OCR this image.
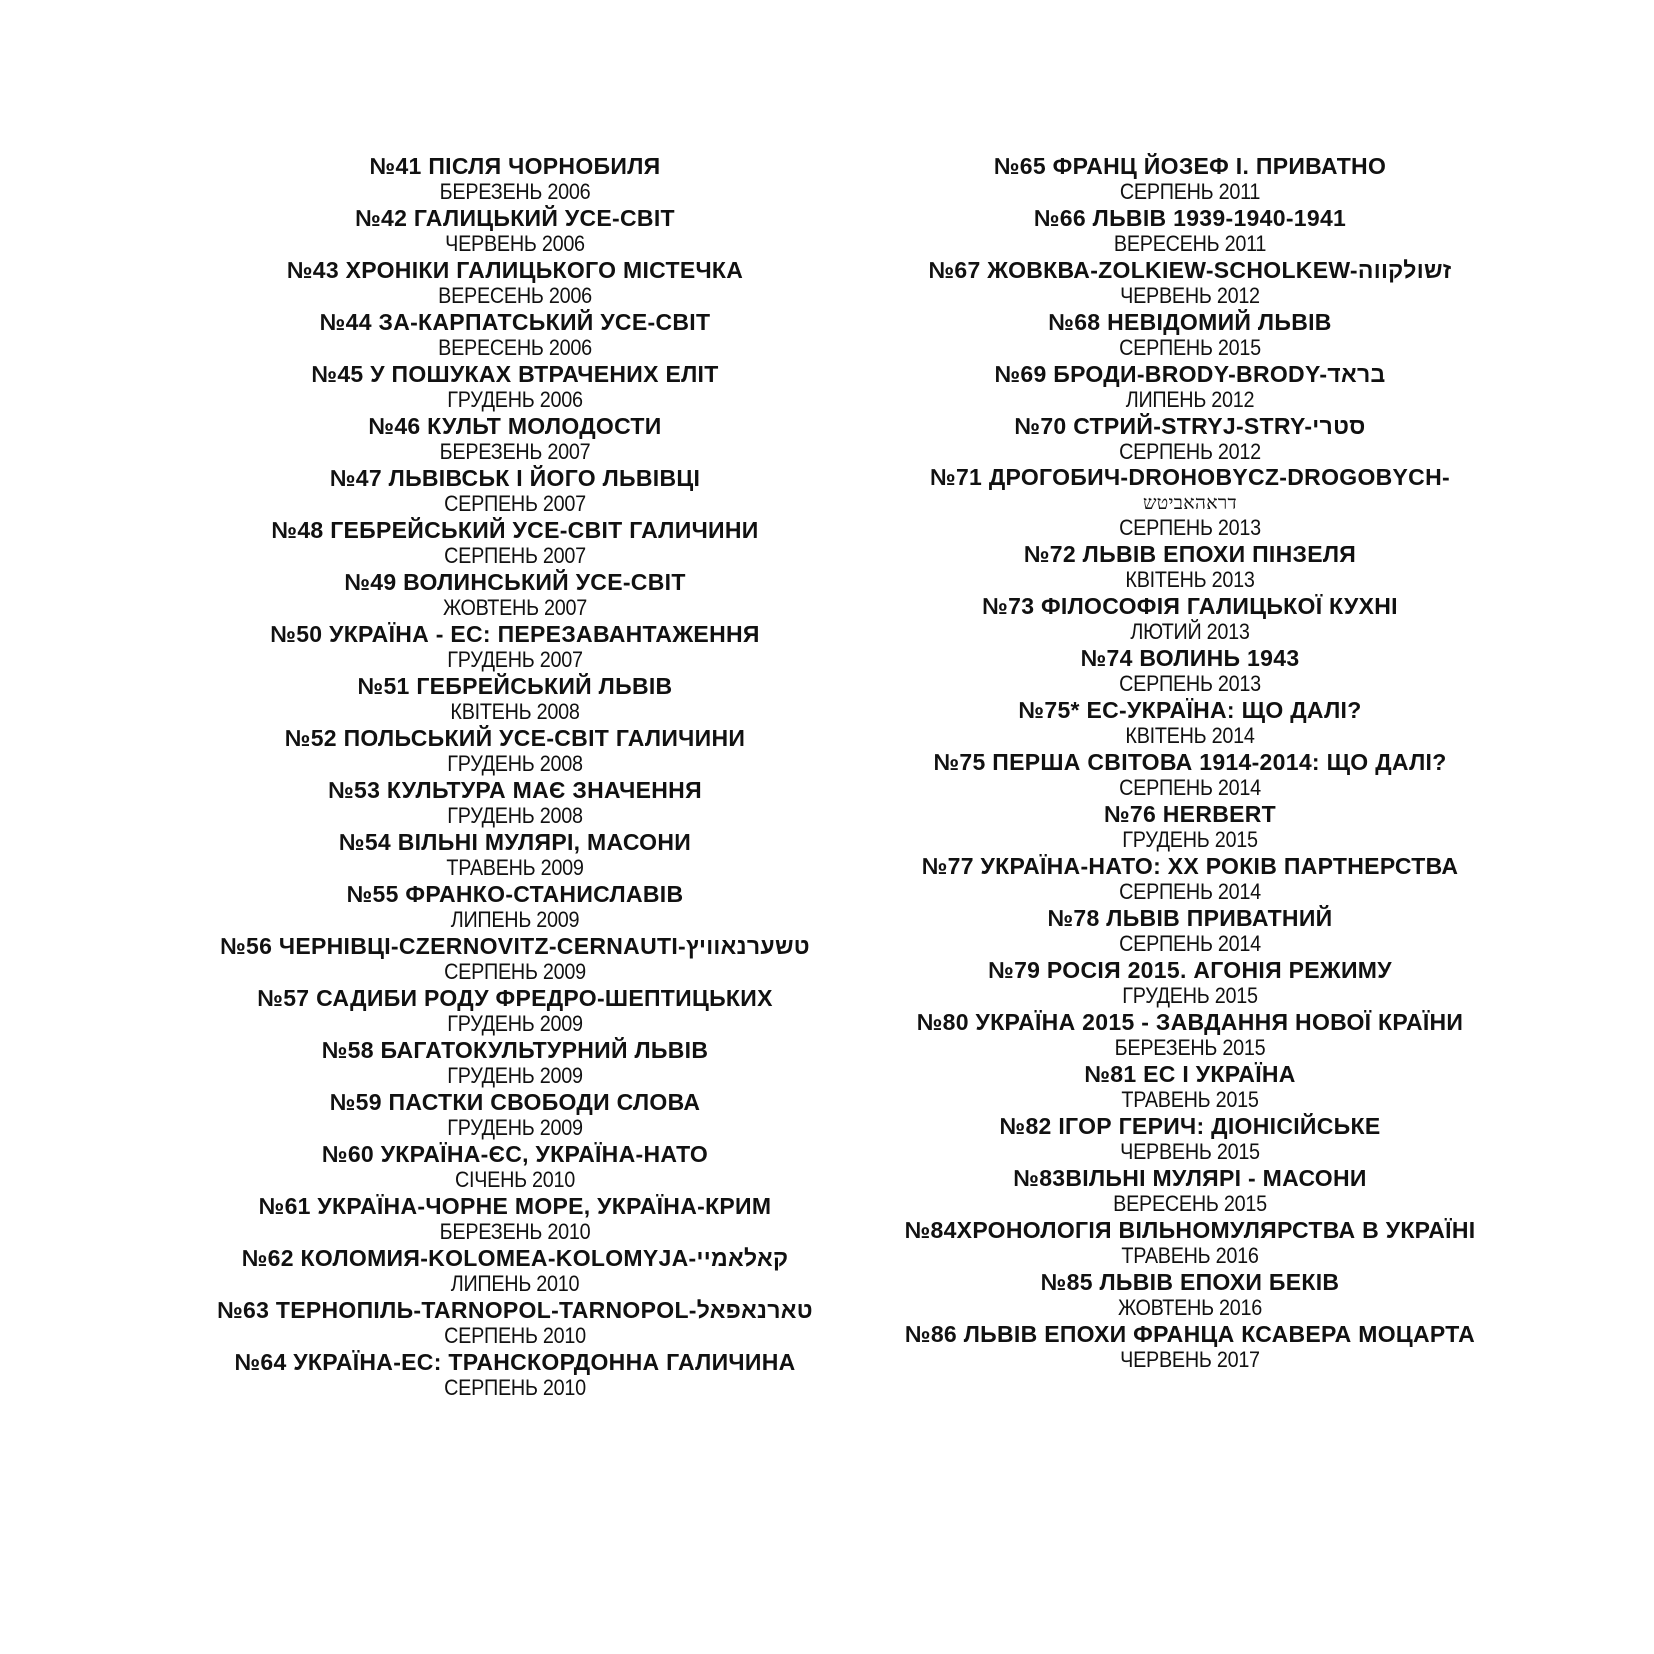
№41 ПІСЛЯ ЧОРНОБИЛЯ
БЕРЕЗЕНЬ 2006
№42 ГАЛИЦЬКИЙ УСЕ-СВІТ
ЧЕРВЕНЬ 2006
№43 ХРОНІКИ ГАЛИЦЬКОГО МІСТЕЧКА
ВЕРЕСЕНЬ 2006
№44 ЗА-КАРПАТСЬКИЙ УСЕ-СВІТ
ВЕРЕСЕНЬ 2006
№45 У ПОШУКАХ ВТРАЧЕНИХ ЕЛІТ
ГРУДЕНЬ 2006
№46 КУЛЬТ МОЛОДОСТИ
БЕРЕЗЕНЬ 2007
№47 ЛЬВІВСЬК І ЙОГО ЛЬВІВЦІ
СЕРПЕНЬ 2007
№48 ГЕБРЕЙСЬКИЙ УСЕ-СВІТ ГАЛИЧИНИ
СЕРПЕНЬ 2007
№49 ВОЛИНСЬКИЙ УСЕ-СВІТ
ЖОВТЕНЬ 2007
№50 УКРАЇНА - ЕС: ПЕРЕЗАВАНТАЖЕННЯ
ГРУДЕНЬ 2007
№51 ГЕБРЕЙСЬКИЙ ЛЬВІВ
КВІТЕНЬ 2008
№52 ПОЛЬСЬКИЙ УСЕ-СВІТ ГАЛИЧИНИ
ГРУДЕНЬ 2008
№53 КУЛЬТУРА МАЄ ЗНАЧЕННЯ
ГРУДЕНЬ 2008
№54 ВІЛЬНІ МУЛЯРІ, МАСОНИ
ТРАВЕНЬ 2009
№55 ФРАНКО-СТАНИСЛАВІВ
ЛИПЕНЬ 2009
№56 ЧЕРНІВЦІ-CZERNOVITZ-CERNAUTI-טשערנאוויץ
СЕРПЕНЬ 2009
№57 САДИБИ РОДУ ФРЕДРО-ШЕПТИЦЬКИХ
ГРУДЕНЬ 2009
№58 БАГАТОКУЛЬТУРНИЙ ЛЬВІВ
ГРУДЕНЬ 2009
№59 ПАСТКИ СВОБОДИ СЛОВА
ГРУДЕНЬ 2009
№60 УКРАЇНА-ЄС, УКРАЇНА-НАТО
СІЧЕНЬ 2010
№61 УКРАЇНА-ЧОРНЕ МОРЕ, УКРАЇНА-КРИМ
БЕРЕЗЕНЬ 2010
№62 КОЛОМИЯ-KOLOMEA-KOLOMYJA-קאלאמיי
ЛИПЕНЬ 2010
№63 ТЕРНОПІЛЬ-TARNOPOL-TARNOPOL-טארנאפאל
СЕРПЕНЬ 2010
№64 УКРАЇНА-ЕС: ТРАНСКОРДОННА ГАЛИЧИНА
СЕРПЕНЬ 2010
№65 ФРАНЦ ЙОЗЕФ I. ПРИВАТНО
СЕРПЕНЬ 2011
№66 ЛЬВІВ 1939-1940-1941
ВЕРЕСЕНЬ 2011
№67 ЖОВКВА-ZOLKIEW-SCHOLKEW-זשולקווה
ЧЕРВЕНЬ 2012
№68 НЕВІДОМИЙ ЛЬВІВ
СЕРПЕНЬ 2015
№69 БРОДИ-BRODY-BRODY-בראד
ЛИПЕНЬ 2012
№70 СТРИЙ-STRYJ-STRY-סטרי
СЕРПЕНЬ 2012
№71 ДРОГОБИЧ-DROHOBYCZ-DROGOBYCH-
דראהאביטש
СЕРПЕНЬ 2013
№72 ЛЬВІВ ЕПОХИ ПІНЗЕЛЯ
КВІТЕНЬ 2013
№73 ФІЛОСОФІЯ ГАЛИЦЬКОЇ КУХНІ
ЛЮТИЙ 2013
№74 ВОЛИНЬ 1943
СЕРПЕНЬ 2013
№75* ЕС-УКРАЇНА: ЩО ДАЛІ?
КВІТЕНЬ 2014
№75 ПЕРША СВІТОВА 1914-2014: ЩО ДАЛІ?
СЕРПЕНЬ 2014
№76 HERBERT
ГРУДЕНЬ 2015
№77 УКРАЇНА-НАТО: ХХ РОКІВ ПАРТНЕРСТВА
СЕРПЕНЬ 2014
№78 ЛЬВІВ ПРИВАТНИЙ
СЕРПЕНЬ 2014
№79 РОСІЯ 2015. АГОНІЯ РЕЖИМУ
ГРУДЕНЬ 2015
№80 УКРАЇНА 2015 - ЗАВДАННЯ НОВОЇ КРАЇНИ
БЕРЕЗЕНЬ 2015
№81 ЕС І УКРАЇНА
ТРАВЕНЬ 2015
№82 ІГОР ГЕРИЧ: ДІОНІСІЙСЬКЕ
ЧЕРВЕНЬ 2015
№83ВІЛЬНІ МУЛЯРІ - МАСОНИ
ВЕРЕСЕНЬ 2015
№84ХРОНОЛОГІЯ ВІЛЬНОМУЛЯРСТВА В УКРАЇНІ
ТРАВЕНЬ 2016
№85 ЛЬВІВ ЕПОХИ БЕКІВ
ЖОВТЕНЬ 2016
№86 ЛЬВІВ ЕПОХИ ФРАНЦА КСАВЕРА МОЦАРТА
ЧЕРВЕНЬ 2017
